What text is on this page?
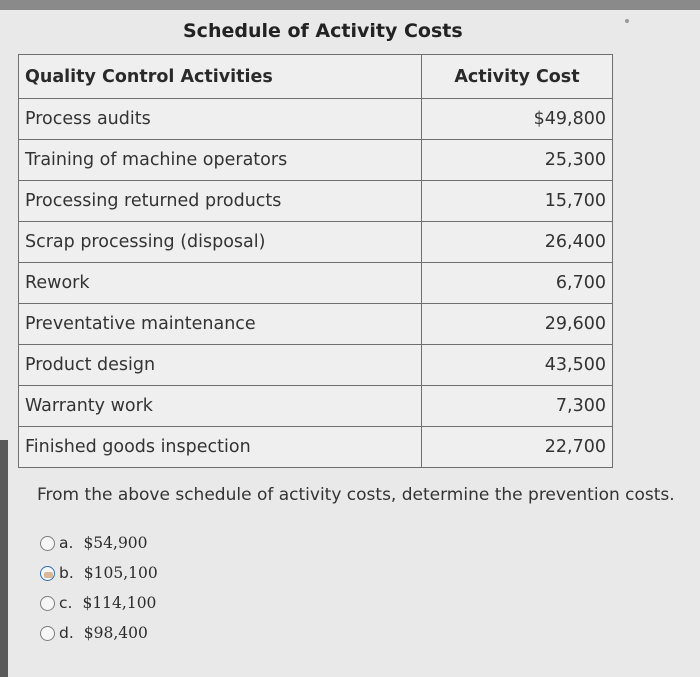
Schedule of Activity Costs
Quality Control Activities	Activity Cost
Process audits	$49,800
Training of machine operators	25,300
Processing returned products	15,700
Scrap processing (disposal)	26,400
Rework	6,700
Preventative maintenance	29,600
Product design	43,500
Warranty work	7,300
Finished goods inspection	22,700
From the above schedule of activity costs, determine the prevention costs.
a. $54,900
b. $105,100
c. $114,100
d. $98,400
